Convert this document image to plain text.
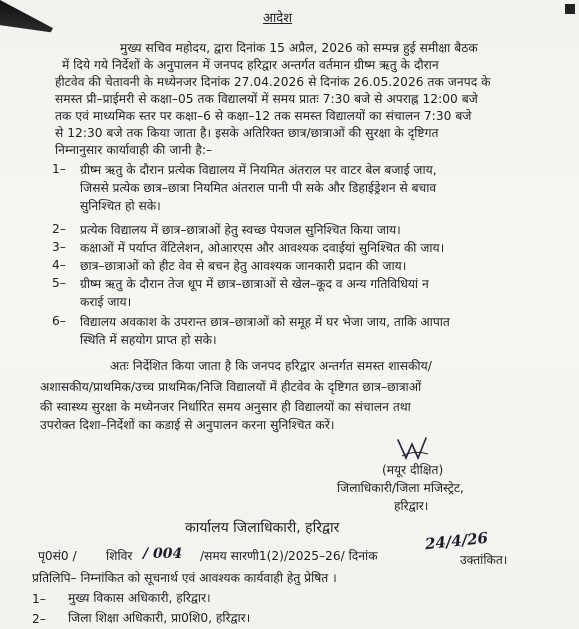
आदेश
मुख्य सचिव महोदय, द्वारा दिनांक 15 अप्रैल, 2026 को सम्पन्न हुई समीक्षा बैठक
में दिये गये निर्देशों के अनुपालन में जनपद हरिद्वार अन्तर्गत वर्तमान ग्रीष्म ऋतु के दौरान
हीटवेव की चेतावनी के मध्येनजर दिनांक 27.04.2026 से दिनांक 26.05.2026 तक जनपद के
समस्त प्री–प्राईमरी से कक्षा–05 तक विद्यालयों में समय प्रातः 7:30 बजे से अपराह्न 12:00 बजे
तक एवं माध्यमिक स्तर पर कक्षा–6 से कक्षा–12 तक समस्त विद्यालयों का संचालन 7:30 बजे
से 12:30 बजे तक किया जाता है। इसके अतिरिक्त छात्र/छात्राओं की सुरक्षा के दृष्टिगत
निम्नानुसार कार्यावाही की जानी है:–
1– ग्रीष्म ऋतु के दौरान प्रत्येक विद्यालय में नियमित अंतराल पर वाटर बेल बजाई जाय,
जिससे प्रत्येक छात्र–छात्रा नियमित अंतराल पानी पी सके और डिहाईड्रेशन से बचाव
सुनिश्चित हो सके।
2– प्रत्येक विद्यालय में छात्र–छात्राओं हेतु स्वच्छ पेयजल सुनिश्चित किया जाय।
3– कक्षाओं में पर्याप्त वेंटिलेशन, ओआरएस और आवश्यक दवाईयां सुनिश्चित की जाय।
4– छात्र–छात्राओं को हीट वेव से बचन हेतु आवश्यक जानकारी प्रदान की जाय।
5– ग्रीष्म ऋतु के दौरान तेज धूप में छात्र–छात्राओं से खेल–कूद व अन्य गतिविधियां न
कराई जाय।
6– विद्यालय अवकाश के उपरान्त छात्र–छात्राओं को समूह में घर भेजा जाय, ताकि आपात
स्थिति में सहयोग प्राप्त हो सके।
अतः निर्देशित किया जाता है कि जनपद हरिद्वार अन्तर्गत समस्त शासकीय/
अशासकीय/प्राथमिक/उच्च प्राथमिक/निजि विद्यालयों में हीटवेव के दृष्टिगत छात्र–छात्राओं
की स्वास्थ्य सुरक्षा के मध्येनजर निर्धारित समय अनुसार ही विद्यालयों का संचालन तथा
उपरोक्त दिशा–निर्देशों का कडाई से अनुपालन करना सुनिश्चित करें।
(मयूर दीक्षित)
जिलाधिकारी/जिला मजिस्ट्रेट,
हरिद्वार।
कार्यालय जिलाधिकारी, हरिद्वार
पृ0सं0 / शिविर / 004 /समय सारणी1(2)/2025–26/ दिनांक
24/4/26
उक्तांकित।
प्रतिलिपि– निम्नांकित को सूचनार्थ एवं आवश्यक कार्यवाही हेतु प्रेषित ।
1– मुख्य विकास अधिकारी, हरिद्वार।
2– जिला शिक्षा अधिकारी, प्रा0शि0, हरिद्वार।
